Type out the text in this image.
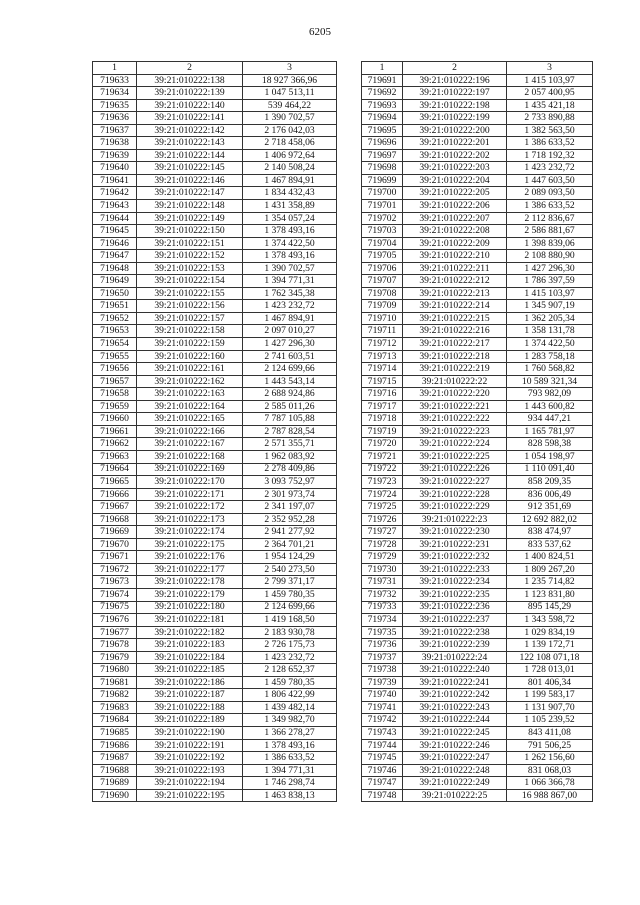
6205
1	2	3
719633	39:21:010222:138	18 927 366,96
719634	39:21:010222:139	1 047 513,11
719635	39:21:010222:140	539 464,22
719636	39:21:010222:141	1 390 702,57
719637	39:21:010222:142	2 176 042,03
719638	39:21:010222:143	2 718 458,06
719639	39:21:010222:144	1 406 972,64
719640	39:21:010222:145	2 140 508,24
719641	39:21:010222:146	1 467 894,91
719642	39:21:010222:147	1 834 432,43
719643	39:21:010222:148	1 431 358,89
719644	39:21:010222:149	1 354 057,24
719645	39:21:010222:150	1 378 493,16
719646	39:21:010222:151	1 374 422,50
719647	39:21:010222:152	1 378 493,16
719648	39:21:010222:153	1 390 702,57
719649	39:21:010222:154	1 394 771,31
719650	39:21:010222:155	1 762 345,38
719651	39:21:010222:156	1 423 232,72
719652	39:21:010222:157	1 467 894,91
719653	39:21:010222:158	2 097 010,27
719654	39:21:010222:159	1 427 296,30
719655	39:21:010222:160	2 741 603,51
719656	39:21:010222:161	2 124 699,66
719657	39:21:010222:162	1 443 543,14
719658	39:21:010222:163	2 688 924,86
719659	39:21:010222:164	2 585 011,26
719660	39:21:010222:165	7 787 105,88
719661	39:21:010222:166	2 787 828,54
719662	39:21:010222:167	2 571 355,71
719663	39:21:010222:168	1 962 083,92
719664	39:21:010222:169	2 278 409,86
719665	39:21:010222:170	3 093 752,97
719666	39:21:010222:171	2 301 973,74
719667	39:21:010222:172	2 341 197,07
719668	39:21:010222:173	2 352 952,28
719669	39:21:010222:174	2 941 277,92
719670	39:21:010222:175	2 364 701,21
719671	39:21:010222:176	1 954 124,29
719672	39:21:010222:177	2 540 273,50
719673	39:21:010222:178	2 799 371,17
719674	39:21:010222:179	1 459 780,35
719675	39:21:010222:180	2 124 699,66
719676	39:21:010222:181	1 419 168,50
719677	39:21:010222:182	2 183 930,78
719678	39:21:010222:183	2 726 175,73
719679	39:21:010222:184	1 423 232,72
719680	39:21:010222:185	2 128 652,37
719681	39:21:010222:186	1 459 780,35
719682	39:21:010222:187	1 806 422,99
719683	39:21:010222:188	1 439 482,14
719684	39:21:010222:189	1 349 982,70
719685	39:21:010222:190	1 366 278,27
719686	39:21:010222:191	1 378 493,16
719687	39:21:010222:192	1 386 633,52
719688	39:21:010222:193	1 394 771,31
719689	39:21:010222:194	1 746 298,74
719690	39:21:010222:195	1 463 838,13
1	2	3
719691	39:21:010222:196	1 415 103,97
719692	39:21:010222:197	2 057 400,95
719693	39:21:010222:198	1 435 421,18
719694	39:21:010222:199	2 733 890,88
719695	39:21:010222:200	1 382 563,50
719696	39:21:010222:201	1 386 633,52
719697	39:21:010222:202	1 718 192,32
719698	39:21:010222:203	1 423 232,72
719699	39:21:010222:204	1 447 603,50
719700	39:21:010222:205	2 089 093,50
719701	39:21:010222:206	1 386 633,52
719702	39:21:010222:207	2 112 836,67
719703	39:21:010222:208	2 586 881,67
719704	39:21:010222:209	1 398 839,06
719705	39:21:010222:210	2 108 880,90
719706	39:21:010222:211	1 427 296,30
719707	39:21:010222:212	1 786 397,59
719708	39:21:010222:213	1 415 103,97
719709	39:21:010222:214	1 345 907,19
719710	39:21:010222:215	1 362 205,34
719711	39:21:010222:216	1 358 131,78
719712	39:21:010222:217	1 374 422,50
719713	39:21:010222:218	1 283 758,18
719714	39:21:010222:219	1 760 568,82
719715	39:21:010222:22	10 589 321,34
719716	39:21:010222:220	793 982,09
719717	39:21:010222:221	1 443 600,82
719718	39:21:010222:222	934 447,21
719719	39:21:010222:223	1 165 781,97
719720	39:21:010222:224	828 598,38
719721	39:21:010222:225	1 054 198,97
719722	39:21:010222:226	1 110 091,40
719723	39:21:010222:227	858 209,35
719724	39:21:010222:228	836 006,49
719725	39:21:010222:229	912 351,69
719726	39:21:010222:23	12 692 882,02
719727	39:21:010222:230	838 474,97
719728	39:21:010222:231	833 537,62
719729	39:21:010222:232	1 400 824,51
719730	39:21:010222:233	1 809 267,20
719731	39:21:010222:234	1 235 714,82
719732	39:21:010222:235	1 123 831,80
719733	39:21:010222:236	895 145,29
719734	39:21:010222:237	1 343 598,72
719735	39:21:010222:238	1 029 834,19
719736	39:21:010222:239	1 139 172,71
719737	39:21:010222:24	122 108 071,18
719738	39:21:010222:240	1 728 013,01
719739	39:21:010222:241	801 406,34
719740	39:21:010222:242	1 199 583,17
719741	39:21:010222:243	1 131 907,70
719742	39:21:010222:244	1 105 239,52
719743	39:21:010222:245	843 411,08
719744	39:21:010222:246	791 506,25
719745	39:21:010222:247	1 262 156,60
719746	39:21:010222:248	831 068,03
719747	39:21:010222:249	1 066 366,78
719748	39:21:010222:25	16 988 867,00
